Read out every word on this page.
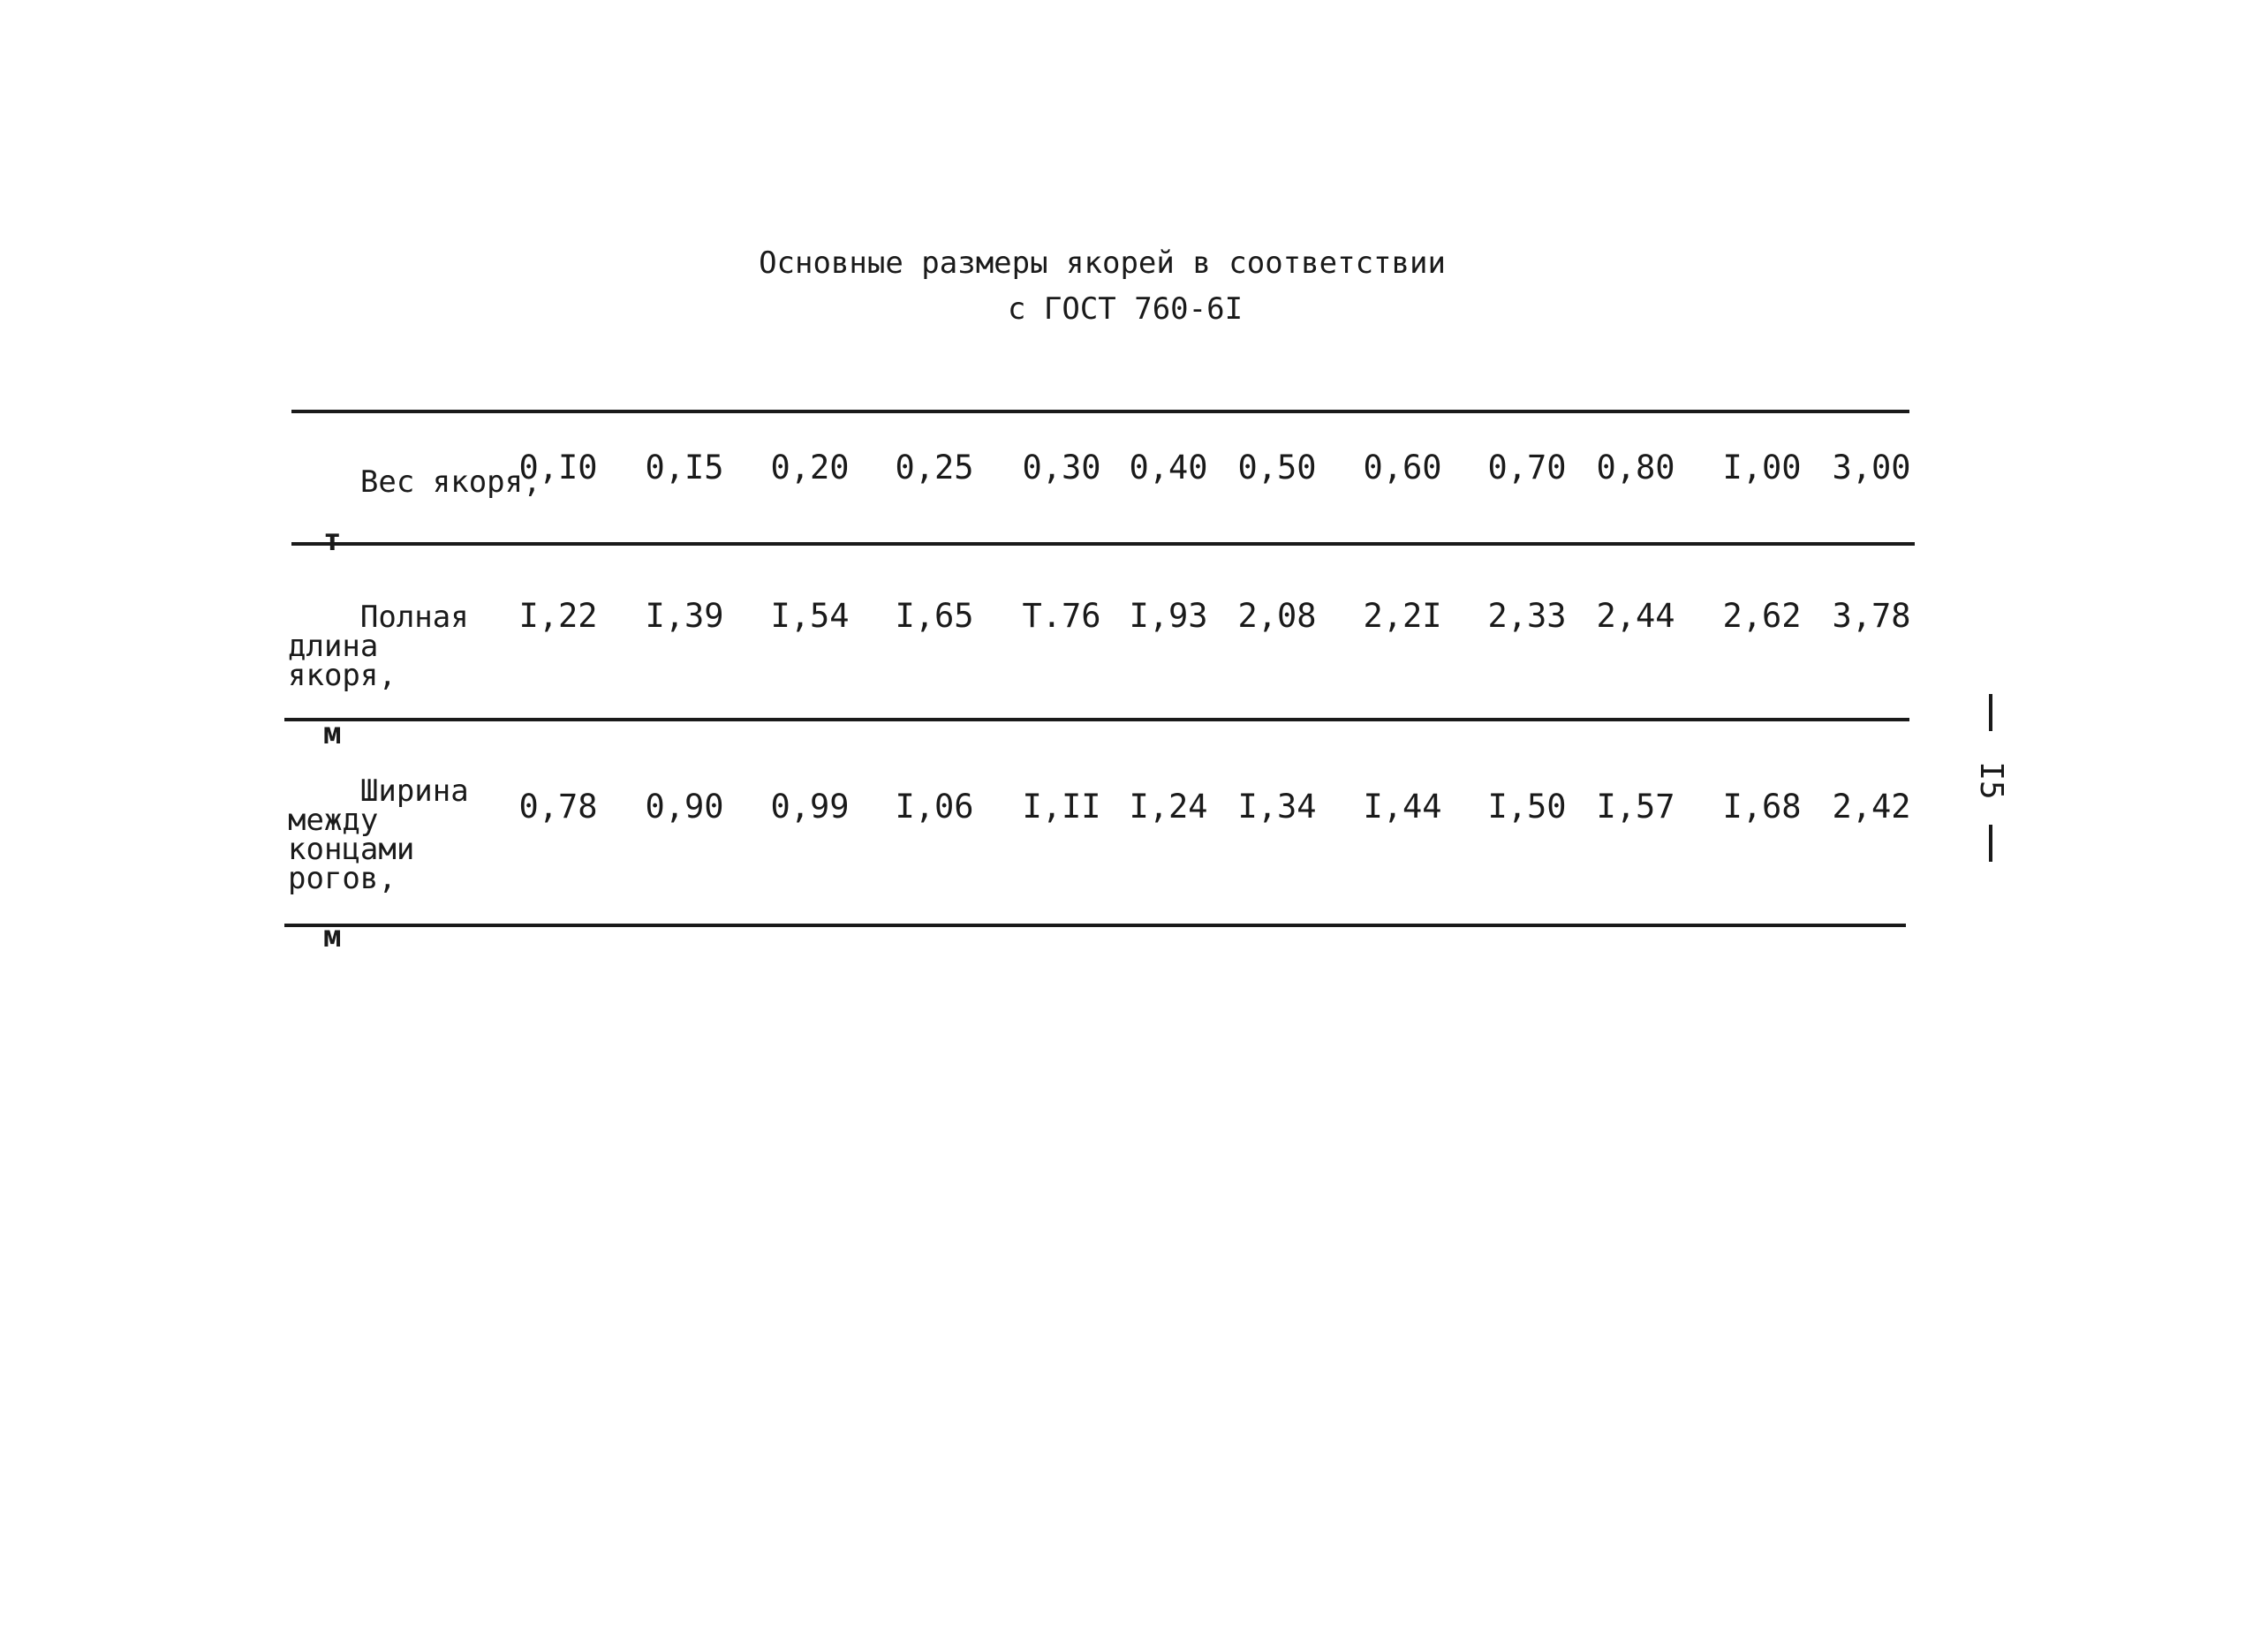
Основные размеры якорей в соответствии
с ГОСТ 760-6I

Вес якоря,

т

0,I0	0,I5	0,20	0,25	0,30 0,40 0,50	0,60	0,70 0,80	I,00 3,00

Полная
длина
якоря,

м

I,22	I,39	I,54	I,65	T.76 I,93 2,08	2,2I	2,33 2,44	2,62 3,78

Ширина
между
концами
рогов,

м

0,78	0,90	0,99	I,06	I,II I,24 I,34	I,44	I,50 I,57	I,68 2,42
I5
